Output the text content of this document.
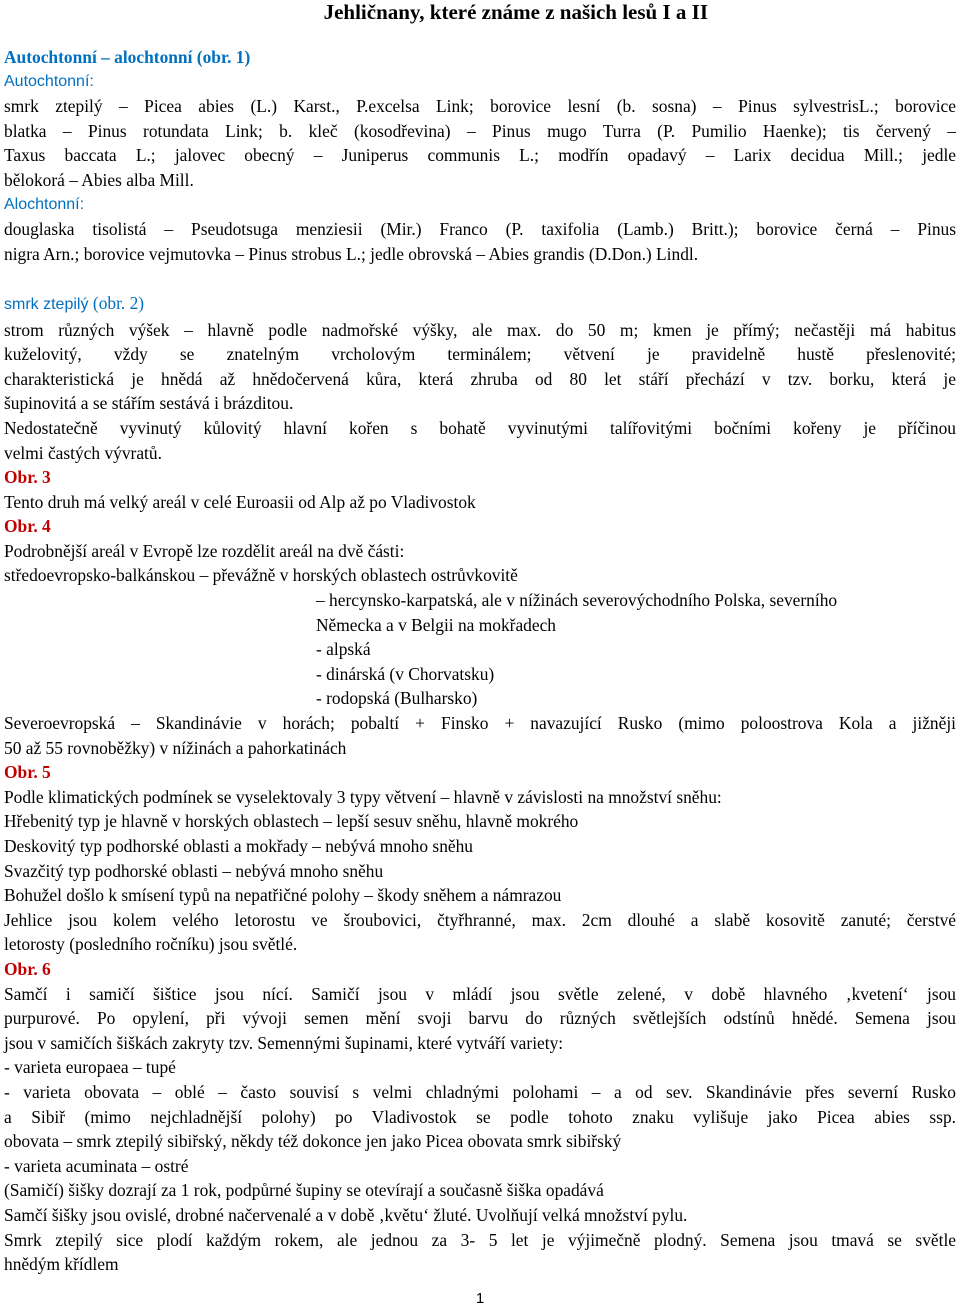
Jehličnany, které známe z našich lesů I a II
Autochtonní – alochtonní (obr. 1)
Autochtonní:
smrk ztepilý – Picea abies (L.) Karst., P.excelsa Link; borovice lesní (b. sosna) – Pinus sylvestrisL.; borovice
blatka – Pinus rotundata Link; b. kleč (kosodřevina) – Pinus mugo Turra (P. Pumilio Haenke); tis červený –
Taxus baccata L.; jalovec obecný – Juniperus communis L.; modřín opadavý – Larix decidua Mill.; jedle
bělokorá – Abies alba Mill.
Alochtonní:
douglaska tisolistá – Pseudotsuga menziesii (Mir.) Franco (P. taxifolia (Lamb.) Britt.); borovice černá – Pinus
nigra Arn.; borovice vejmutovka – Pinus strobus L.; jedle obrovská – Abies grandis (D.Don.) Lindl.
smrk ztepilý (obr. 2)
strom různých výšek – hlavně podle nadmořské výšky, ale max. do 50 m; kmen je přímý; nečastěji má habitus
kuželovitý, vždy se znatelným vrcholovým terminálem; větvení je pravidelně hustě přeslenovité;
charakteristická je hnědá až hnědočervená kůra, která zhruba od 80 let stáří přechází v tzv. borku, která je
šupinovitá a se stářím sestává i brázditou.
Nedostatečně vyvinutý kůlovitý hlavní kořen s bohatě vyvinutými talířovitými bočními kořeny je příčinou
velmi častých vývratů.
Obr. 3
Tento druh má velký areál v celé Euroasii od Alp až po Vladivostok
Obr. 4
Podrobnější areál v Evropě lze rozdělit areál na dvě části:
středoevropsko-balkánskou – převážně v horských oblastech ostrůvkovitě
– hercynsko-karpatská, ale v nížinách severovýchodního Polska, severního
Německa a v Belgii na mokřadech
- alpská
- dinárská (v Chorvatsku)
- rodopská (Bulharsko)
Severoevropská – Skandinávie v horách; pobaltí + Finsko + navazující Rusko (mimo poloostrova Kola a jižněji
50 až 55 rovnoběžky) v nížinách a pahorkatinách
Obr. 5
Podle klimatických podmínek se vyselektovaly 3 typy větvení – hlavně v závislosti na množství sněhu:
Hřebenitý typ je hlavně v horských oblastech – lepší sesuv sněhu, hlavně mokrého
Deskovitý typ podhorské oblasti a mokřady – nebývá mnoho sněhu
Svazčitý typ podhorské oblasti – nebývá mnoho sněhu
Bohužel došlo k smísení typů na nepatřičné polohy – škody sněhem a námrazou
Jehlice jsou kolem velého letorostu ve šroubovici, čtyřhranné, max. 2cm dlouhé a slabě kosovitě zanuté; čerstvé
letorosty (posledního ročníku) jsou světlé.
Obr. 6
Samčí i samičí šištice jsou nící. Samičí jsou v mládí jsou světle zelené, v době hlavného ‚kvetení‘ jsou
purpurové. Po opylení, při vývoji semen mění svoji barvu do různých světlejších odstínů hnědé. Semena jsou
jsou v samičích šiškách zakryty tzv. Semennými šupinami, které vytváří variety:
- varieta europaea – tupé
- varieta obovata – oblé – často souvisí s velmi chladnými polohami – a od sev. Skandinávie přes severní Rusko
a Sibiř (mimo nejchladnější polohy) po Vladivostok se podle tohoto znaku vylišuje jako Picea abies ssp.
obovata – smrk ztepilý sibiřský, někdy též dokonce jen jako Picea obovata smrk sibiřský
- varieta acuminata – ostré
(Samičí) šišky dozrají za 1 rok, podpůrné šupiny se otevírají a současně šiška opadává
Samčí šišky jsou ovislé, drobné načervenalé a v době ‚květu‘ žluté. Uvolňují velká množství pylu.
Smrk ztepilý sice plodí každým rokem, ale jednou za 3- 5 let je výjimečně plodný. Semena jsou tmavá se světle
hnědým křídlem
1
